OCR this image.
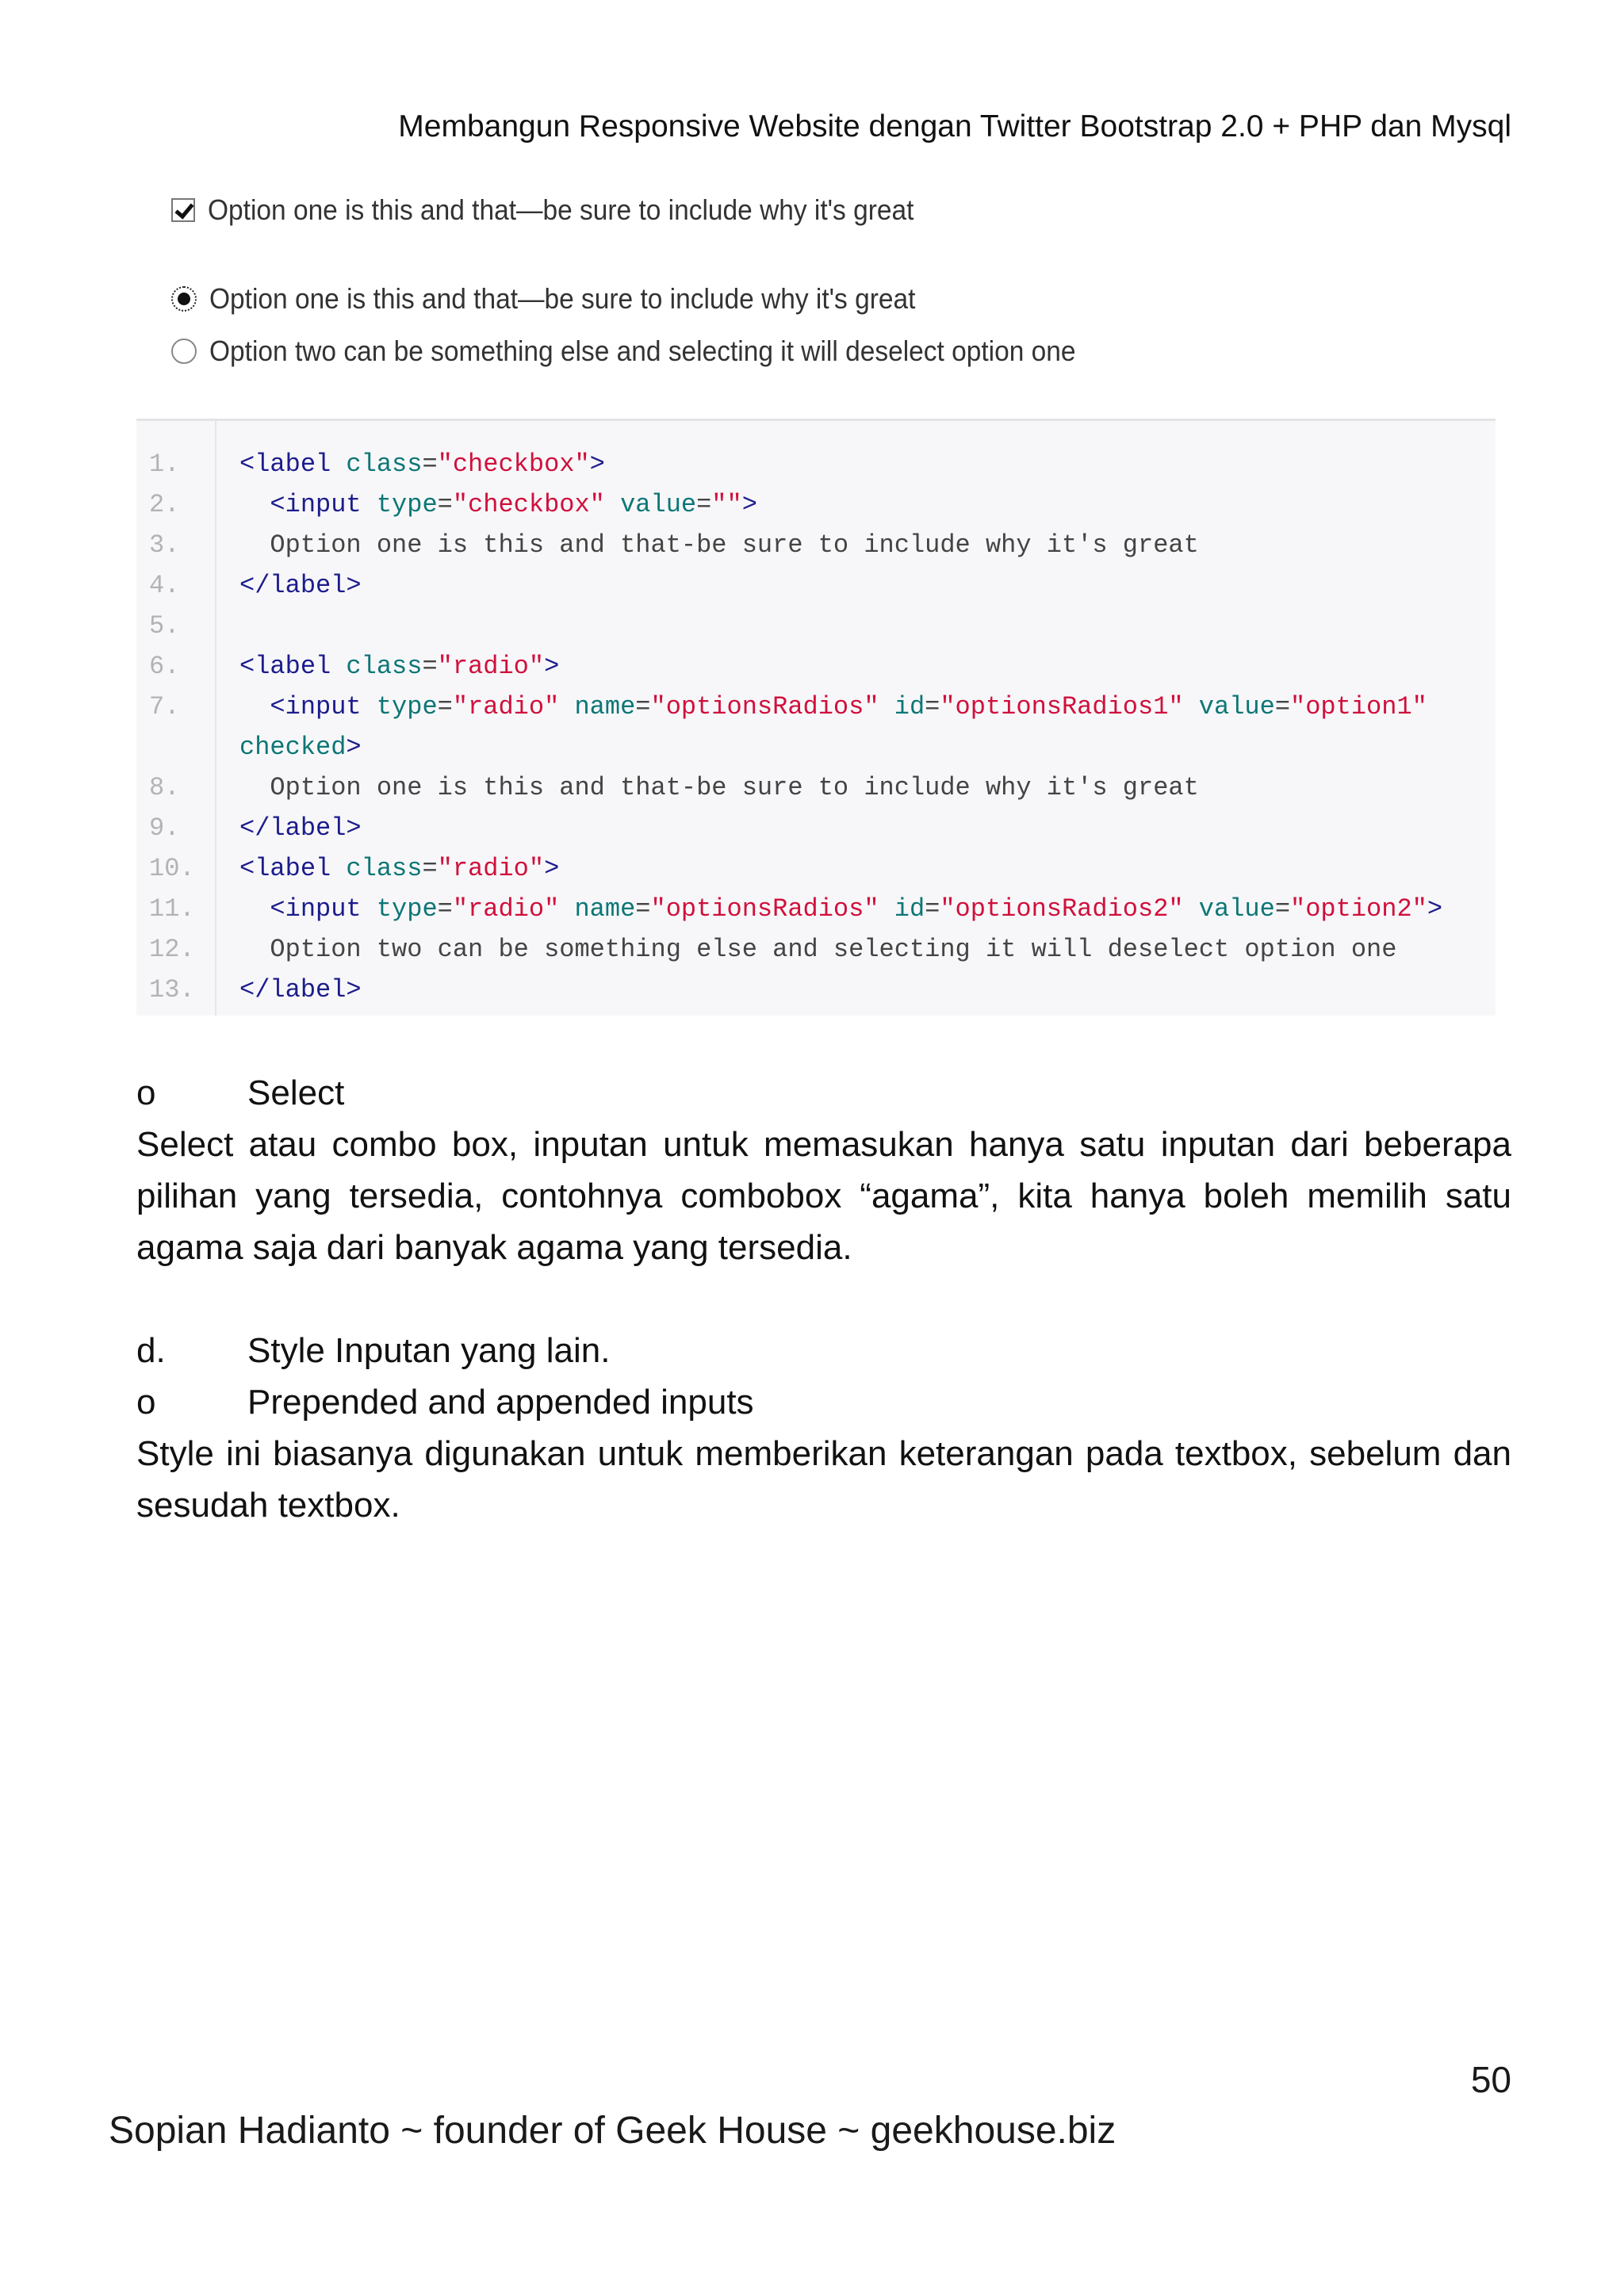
Membangun Responsive Website dengan Twitter Bootstrap 2.0 + PHP dan Mysql
Option one is this and that—be sure to include why it's great
Option one is this and that—be sure to include why it's great
Option two can be something else and selecting it will deselect option one
1.	<label class="checkbox">
2.	<input type="checkbox" value="">
3.	Option one is this and that-be sure to include why it's great
4.	</label>
5.
6.	<label class="radio">
7.	<input type="radio" name="optionsRadios" id="optionsRadios1" value="option1"
checked>
8.	Option one is this and that-be sure to include why it's great
9.	</label>
10.	<label class="radio">
11.	<input type="radio" name="optionsRadios" id="optionsRadios2" value="option2">
12.	Option two can be something else and selecting it will deselect option one
13.	</label>
o	Select
Select atau combo box, inputan untuk memasukan hanya satu inputan dari beberapa pilihan yang tersedia, contohnya combobox “agama”, kita hanya boleh memilih satu agama saja dari banyak agama yang tersedia.
d. Style Inputan yang lain.
o	Prepended and appended inputs
Style ini biasanya digunakan untuk memberikan keterangan pada textbox, sebelum dan sesudah textbox.
50
Sopian Hadianto ~ founder of Geek House ~ geekhouse.biz
